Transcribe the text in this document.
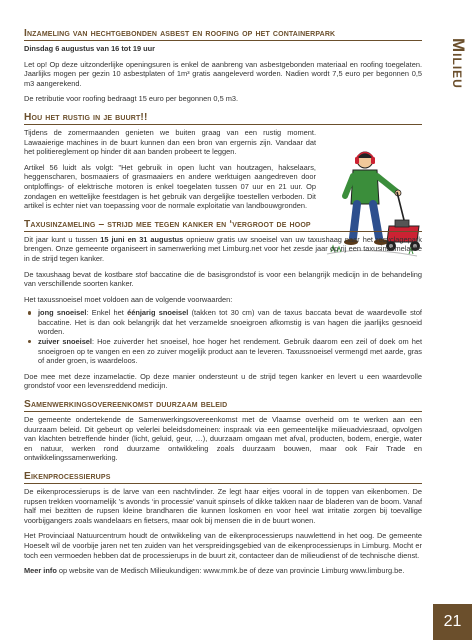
Milieu
Inzameling van hechtgebonden asbest en roofing op het containerpark
Dinsdag 6 augustus van 16 tot 19 uur

Let op! Op deze uitzonderlijke openingsuren is enkel de aanbreng van asbestgebonden materiaal en roofing toegelaten. Jaarlijks mogen per gezin 10 asbestplaten of 1m³ gratis aangeleverd worden. Nadien wordt 7,5 euro per begonnen 0,5 m3 aangerekend.

De retributie voor roofing bedraagt 15 euro per begonnen 0,5 m3.

Hou het rustig in je buurt!!

Tijdens de zomermaanden genieten we buiten graag van een rustig moment. Lawaaierige machines in de buurt kunnen dan een bron van ergernis zijn. Vandaar dat het politiereglement op hinder dit aan banden probeert te leggen.

Artikel 56 luidt als volgt: "Het gebruik in open lucht van houtzagen, hakselaars, heggenscharen, bosmaaiers of grasmaaiers en andere werktuigen aangedreven door ontploffings- of elektrische motoren is enkel toegelaten tussen 07 uur en 21 uur. Op zondagen en wettelijke feestdagen is het gebruik van dergelijke toestellen verboden. Dit artikel is echter niet van toepassing voor de normale exploitatie van landbouwgronden.

Taxusinzameling – strijd mee tegen kanker en ‘vergroot de hoop

Dit jaar kunt u tussen 15 juni en 31 augustus opnieuw gratis uw snoeisel van uw taxushaag naar het recyclagepark brengen. Onze gemeente organiseert in samenwerking met Limburg.net voor het zesde jaar op rij een taxusinzamelactie in de strijd tegen kanker.

De taxushaag bevat de kostbare stof baccatine die de basisgrondstof is voor een belangrijk medicijn in de behandeling van verschillende soorten kanker.

Het taxussnoeisel moet voldoen aan de volgende voorwaarden:

jong snoeisel: Enkel het éénjarig snoeisel (takken tot 30 cm) van de taxus baccata bevat de waardevolle stof baccatine. Het is dan ook belangrijk dat het verzamelde snoeigroen afkomstig is van hagen die jaarlijks gesnoeid worden.
zuiver snoeisel: Hoe zuiverder het snoeisel, hoe hoger het rendement. Gebruik daarom een zeil of doek om het snoeigroen op te vangen en een zo zuiver mogelijk product aan te leveren. Taxussnoeisel vermengd met aarde, gras of ander groen, is waardeloos.

Doe mee met deze inzamelactie. Op deze manier ondersteunt u de strijd tegen kanker en levert u een waardevolle grondstof voor een levensreddend medicijn.

Samenwerkingsovereenkomst duurzaam beleid

De gemeente ondertekende de Samenwerkingsovereenkomst met de Vlaamse overheid om te werken aan een duurzaam beleid. Dit gebeurt op velerlei beleidsdomeinen: inspraak via een gemeentelijke milieuadviesraad, opvolgen van klachten betreffende hinder (licht, geluid, geur, …), duurzaam omgaan met afval, producten, bodem, energie, water en natuur, werken rond duurzame ontwikkeling zoals duurzaam bouwen, maar ook Fair Trade en ontwikkelingssamenwerking.

Eikenprocessierups

De eikenprocessierups is de larve van een nachtvlinder. Ze legt haar eitjes vooral in de toppen van eikenbomen. De rupsen trekken voornamelijk ’s avonds ‘in processie’ vanuit spinsels of dikke takken naar de bladeren van de boom. Vanaf half mei bezitten de rupsen kleine brandharen die kunnen loskomen en voor heel wat irritatie zorgen bij toevallige voorbijgangers zoals wandelaars en fietsers, maar ook bij mensen die in de buurt wonen.

Het Provinciaal Natuurcentrum houdt de ontwikkeling van de eikenprocessierups nauwlettend in het oog. De gemeente Hoeselt wil de voorbije jaren net ten zuiden van het verspreidingsgebied van de eikenprocessierups in Limburg. Mocht er toch een vermoeden hebben dat de processierups in de buurt zit, contacteer dan de milieudienst of de technische dienst.

Meer info op website van de Medisch Milieukundigen: www.mmk.be of deze van provincie Limburg www.limburg.be.

21
